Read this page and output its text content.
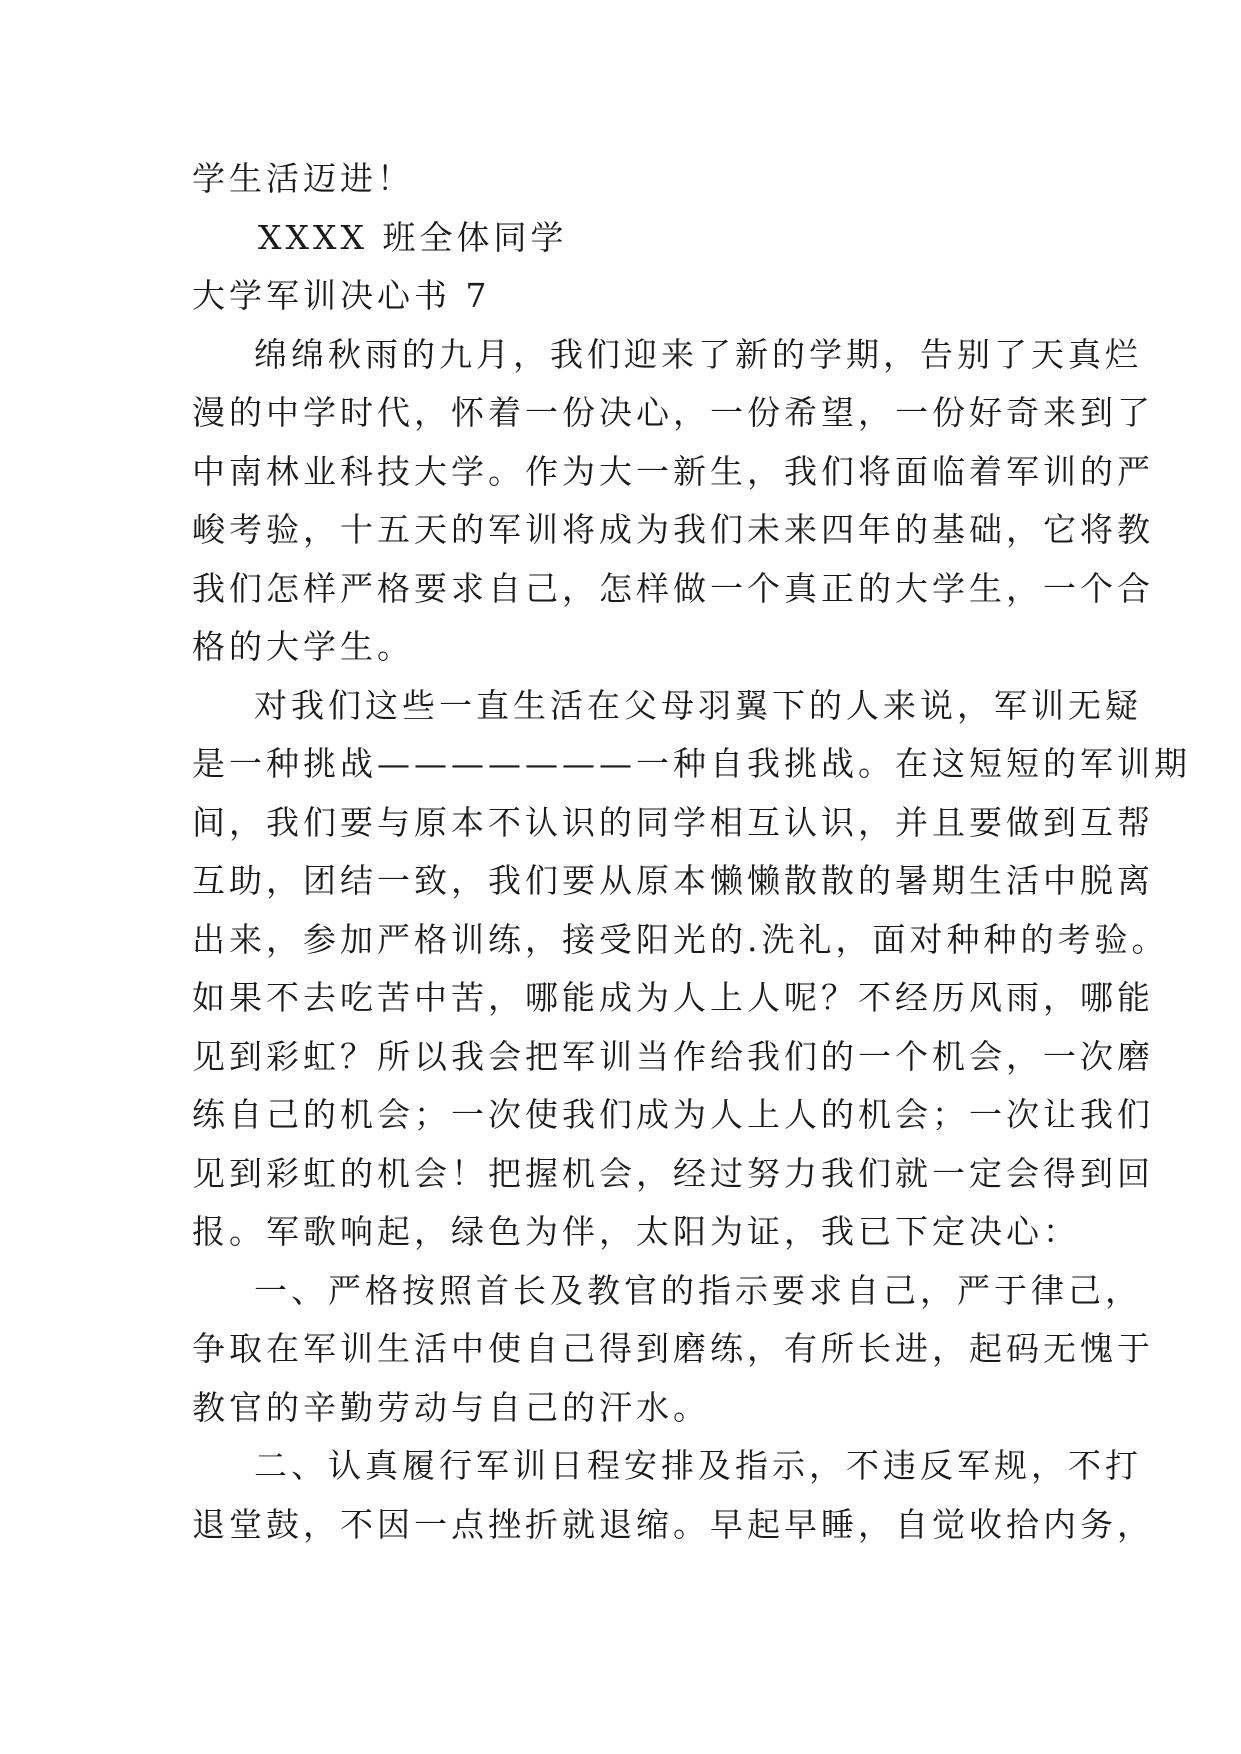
学生活迈进！
XXXX 班全体同学
大学军训决心书 7
绵绵秋雨的九月，我们迎来了新的学期，告别了天真烂
漫的中学时代，怀着一份决心，一份希望，一份好奇来到了
中南林业科技大学。作为大一新生，我们将面临着军训的严
峻考验，十五天的军训将成为我们未来四年的基础，它将教
我们怎样严格要求自己，怎样做一个真正的大学生，一个合
格的大学生。
对我们这些一直生活在父母羽翼下的人来说，军训无疑
是一种挑战———————一种自我挑战。在这短短的军训期
间，我们要与原本不认识的同学相互认识，并且要做到互帮
互助，团结一致，我们要从原本懒懒散散的暑期生活中脱离
出来，参加严格训练，接受阳光的.洗礼，面对种种的考验。
如果不去吃苦中苦，哪能成为人上人呢？不经历风雨，哪能
见到彩虹？所以我会把军训当作给我们的一个机会，一次磨
练自己的机会；一次使我们成为人上人的机会；一次让我们
见到彩虹的机会！把握机会，经过努力我们就一定会得到回
报。军歌响起，绿色为伴，太阳为证，我已下定决心：
一、严格按照首长及教官的指示要求自己，严于律己，
争取在军训生活中使自己得到磨练，有所长进，起码无愧于
教官的辛勤劳动与自己的汗水。
二、认真履行军训日程安排及指示，不违反军规，不打
退堂鼓，不因一点挫折就退缩。早起早睡，自觉收拾内务，
